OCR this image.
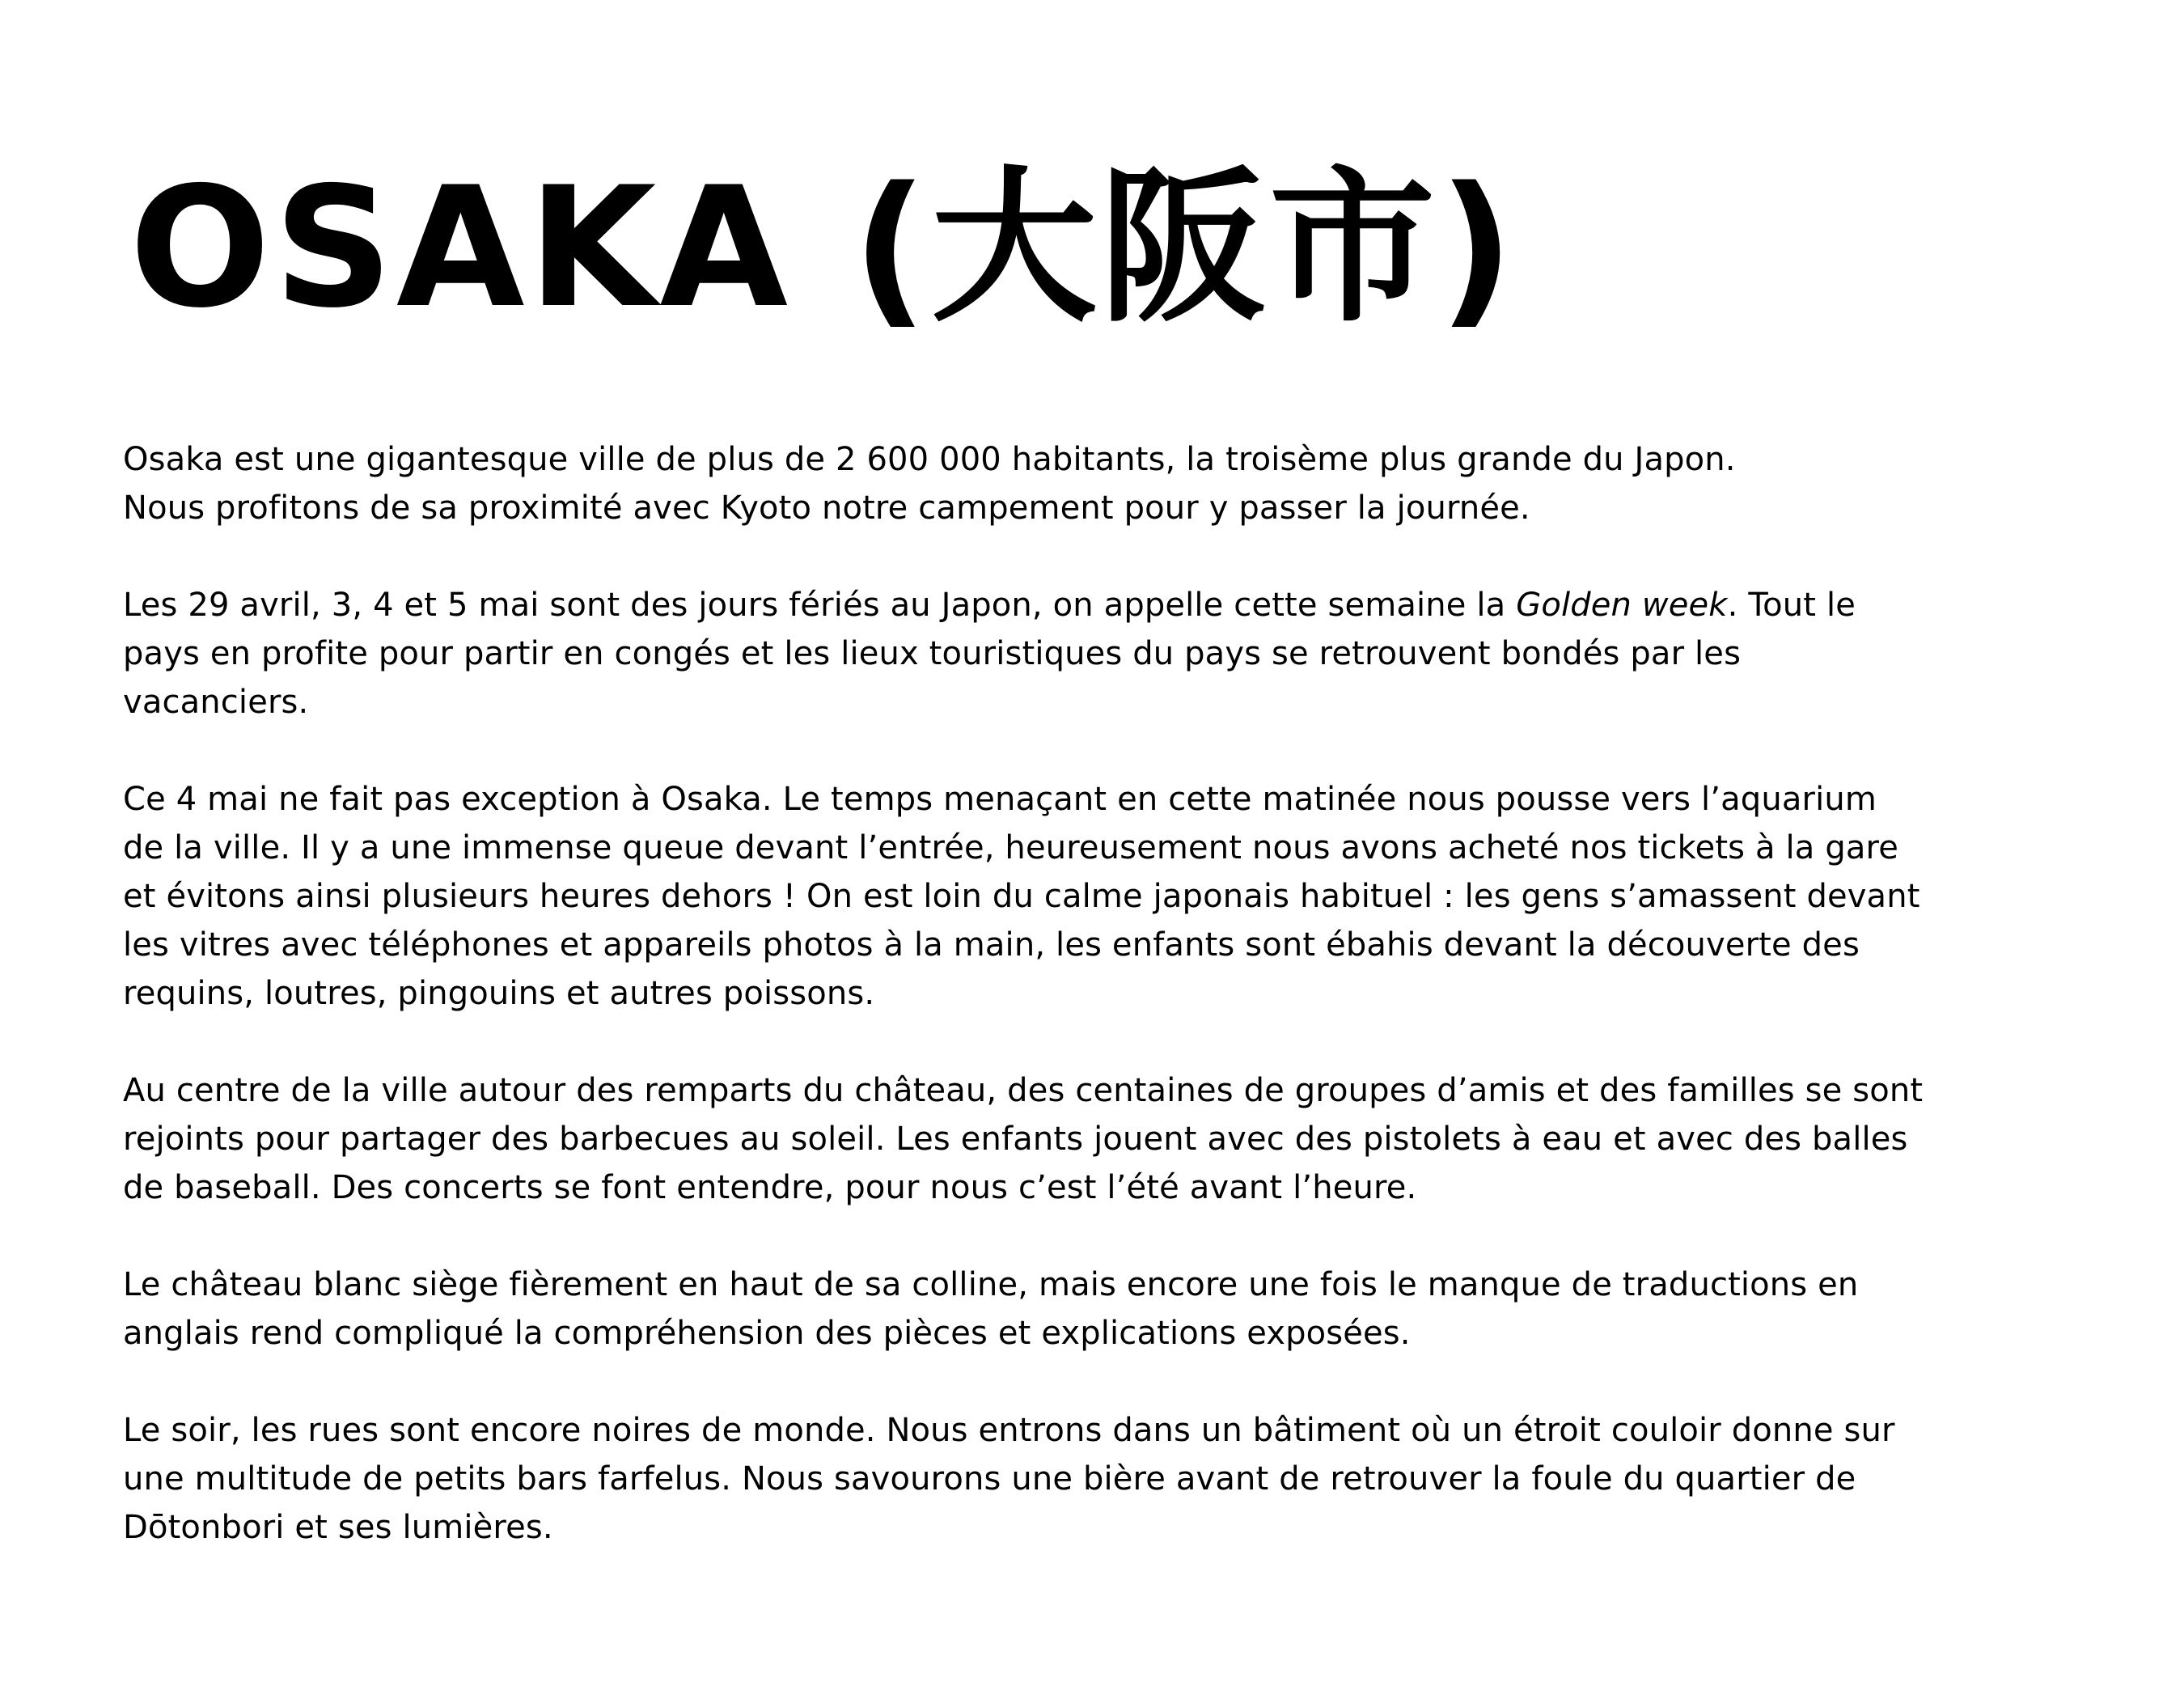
OSAKA (大阪市)

Osaka est une gigantesque ville de plus de 2 600 000 habitants, la troisème plus grande du Japon.
Nous profitons de sa proximité avec Kyoto notre campement pour y passer la journée.

Les 29 avril, 3, 4 et 5 mai sont des jours fériés au Japon, on appelle cette semaine la Golden week. Tout le
pays en profite pour partir en congés et les lieux touristiques du pays se retrouvent bondés par les
vacanciers.

Ce 4 mai ne fait pas exception à Osaka. Le temps menaçant en cette matinée nous pousse vers l’aquarium
de la ville. Il y a une immense queue devant l’entrée, heureusement nous avons acheté nos tickets à la gare
et évitons ainsi plusieurs heures dehors ! On est loin du calme japonais habituel : les gens s’amassent devant
les vitres avec téléphones et appareils photos à la main, les enfants sont ébahis devant la découverte des
requins, loutres, pingouins et autres poissons.

Au centre de la ville autour des remparts du château, des centaines de groupes d’amis et des familles se sont
rejoints pour partager des barbecues au soleil. Les enfants jouent avec des pistolets à eau et avec des balles
de baseball. Des concerts se font entendre, pour nous c’est l’été avant l’heure.

Le château blanc siège fièrement en haut de sa colline, mais encore une fois le manque de traductions en
anglais rend compliqué la compréhension des pièces et explications exposées.

Le soir, les rues sont encore noires de monde. Nous entrons dans un bâtiment où un étroit couloir donne sur
une multitude de petits bars farfelus. Nous savourons une bière avant de retrouver la foule du quartier de
Dōtonbori et ses lumières.
